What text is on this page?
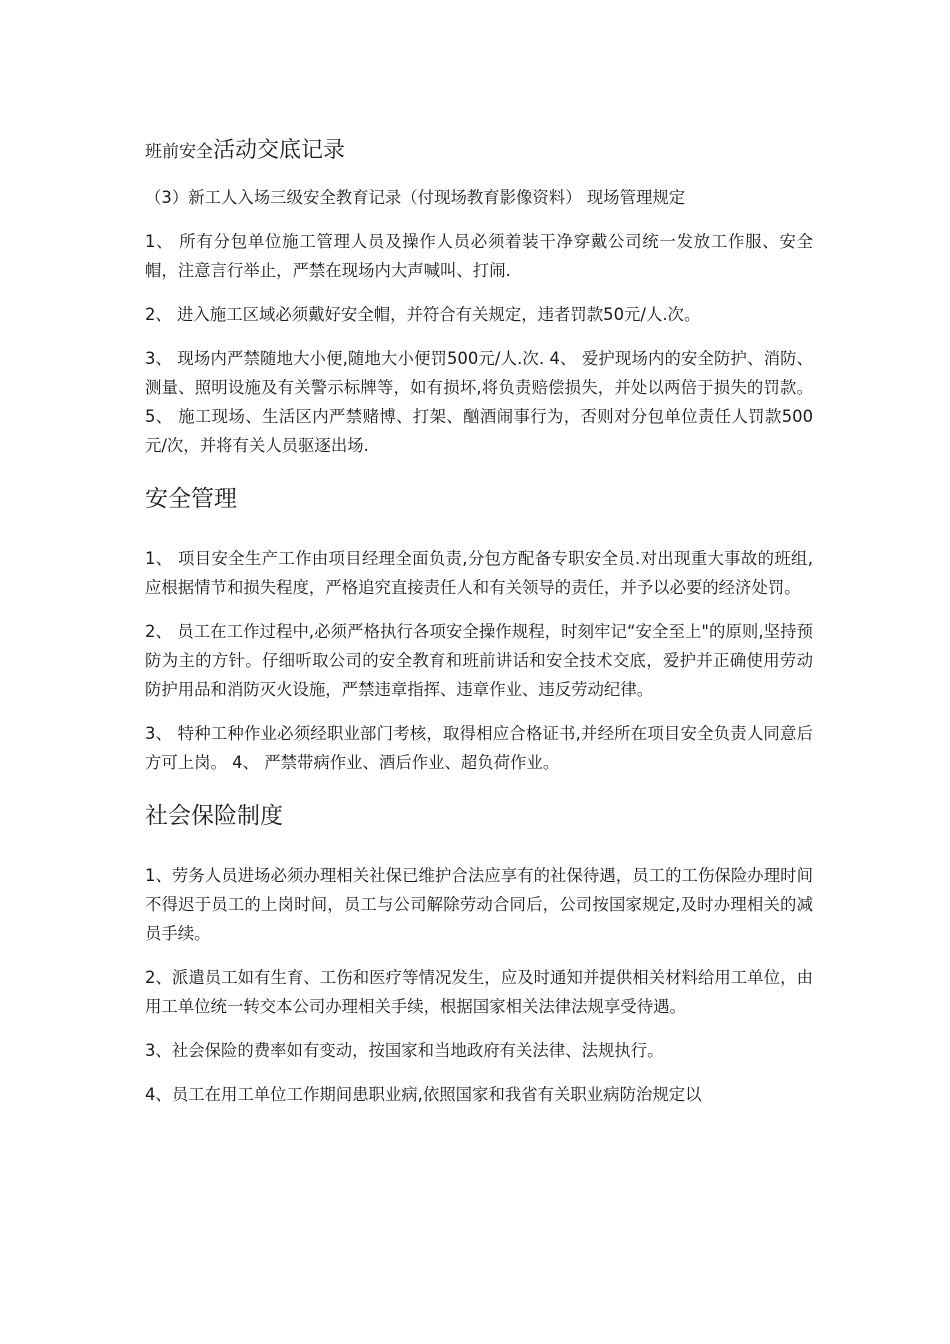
班前安全活动交底记录

（3）新工人入场三级安全教育记录（付现场教育影像资料） 现场管理规定

1、 所有分包单位施工管理人员及操作人员必须着装干净穿戴公司统一发放工作服、安全帽，注意言行举止，严禁在现场内大声喊叫、打闹.

2、 进入施工区域必须戴好安全帽，并符合有关规定，违者罚款50元/人.次。

3、 现场内严禁随地大小便,随地大小便罚500元/人.次. 4、 爱护现场内的安全防护、消防、测量、照明设施及有关警示标牌等，如有损坏,将负责赔偿损失，并处以两倍于损失的罚款。 5、 施工现场、生活区内严禁赌博、打架、酗酒闹事行为，否则对分包单位责任人罚款500元/次，并将有关人员驱逐出场.

安全管理

1、 项目安全生产工作由项目经理全面负责,分包方配备专职安全员.对出现重大事故的班组,应根据情节和损失程度，严格追究直接责任人和有关领导的责任，并予以必要的经济处罚。

2、 员工在工作过程中,必须严格执行各项安全操作规程，时刻牢记“安全至上"的原则,坚持预防为主的方针。仔细听取公司的安全教育和班前讲话和安全技术交底，爱护并正确使用劳动防护用品和消防灭火设施，严禁违章指挥、违章作业、违反劳动纪律。

3、 特种工种作业必须经职业部门考核，取得相应合格证书,并经所在项目安全负责人同意后方可上岗。 4、 严禁带病作业、酒后作业、超负荷作业。

社会保险制度

1、劳务人员进场必须办理相关社保已维护合法应享有的社保待遇，员工的工伤保险办理时间不得迟于员工的上岗时间，员工与公司解除劳动合同后，公司按国家规定,及时办理相关的减员手续。

2、派遣员工如有生育、工伤和医疗等情况发生，应及时通知并提供相关材料给用工单位，由用工单位统一转交本公司办理相关手续，根据国家相关法律法规享受待遇。

3、社会保险的费率如有变动，按国家和当地政府有关法律、法规执行。

4、员工在用工单位工作期间患职业病,依照国家和我省有关职业病防治规定以
